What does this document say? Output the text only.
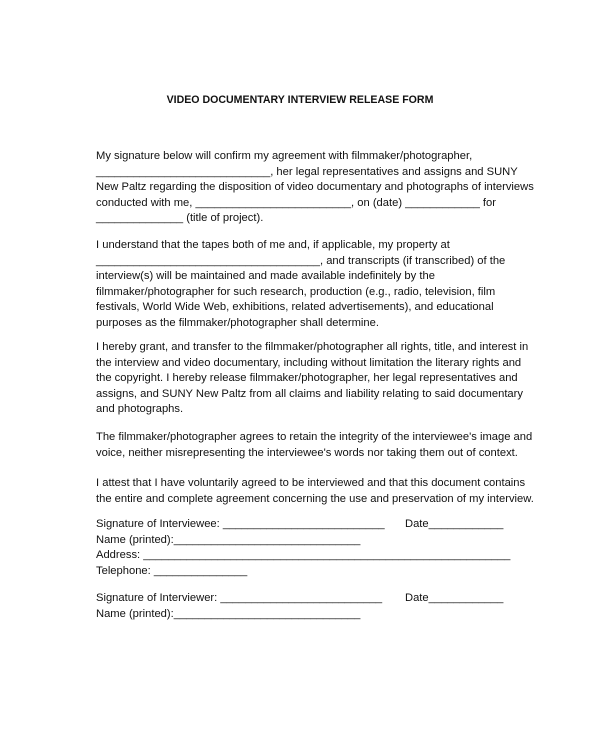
VIDEO DOCUMENTARY INTERVIEW RELEASE FORM
My signature below will confirm my agreement with filmmaker/photographer,
____________________________, her legal representatives and assigns and SUNY
New Paltz regarding the disposition of video documentary and photographs of interviews
conducted with me, _________________________, on (date) ____________ for
______________ (title of project).
I understand that the tapes both of me and, if applicable, my property at
____________________________________, and transcripts (if transcribed) of the
interview(s) will be maintained and made available indefinitely by the
filmmaker/photographer for such research, production (e.g., radio, television, film
festivals, World Wide Web, exhibitions, related advertisements), and educational
purposes as the filmmaker/photographer shall determine.
I hereby grant, and transfer to the filmmaker/photographer all rights, title, and interest in
the interview and video documentary, including without limitation the literary rights and
the copyright. I hereby release filmmaker/photographer, her legal representatives and
assigns, and SUNY New Paltz from all claims and liability relating to said documentary
and photographs.
The filmmaker/photographer agrees to retain the integrity of the interviewee's image and
voice, neither misrepresenting the interviewee's words nor taking them out of context.
I attest that I have voluntarily agreed to be interviewed and that this document contains
the entire and complete agreement concerning the use and preservation of my interview.
Signature of Interviewee: __________________________ Date____________
Name (printed):______________________________
Address: ___________________________________________________________
Telephone: _______________
Signature of Interviewer: __________________________ Date____________
Name (printed):______________________________
